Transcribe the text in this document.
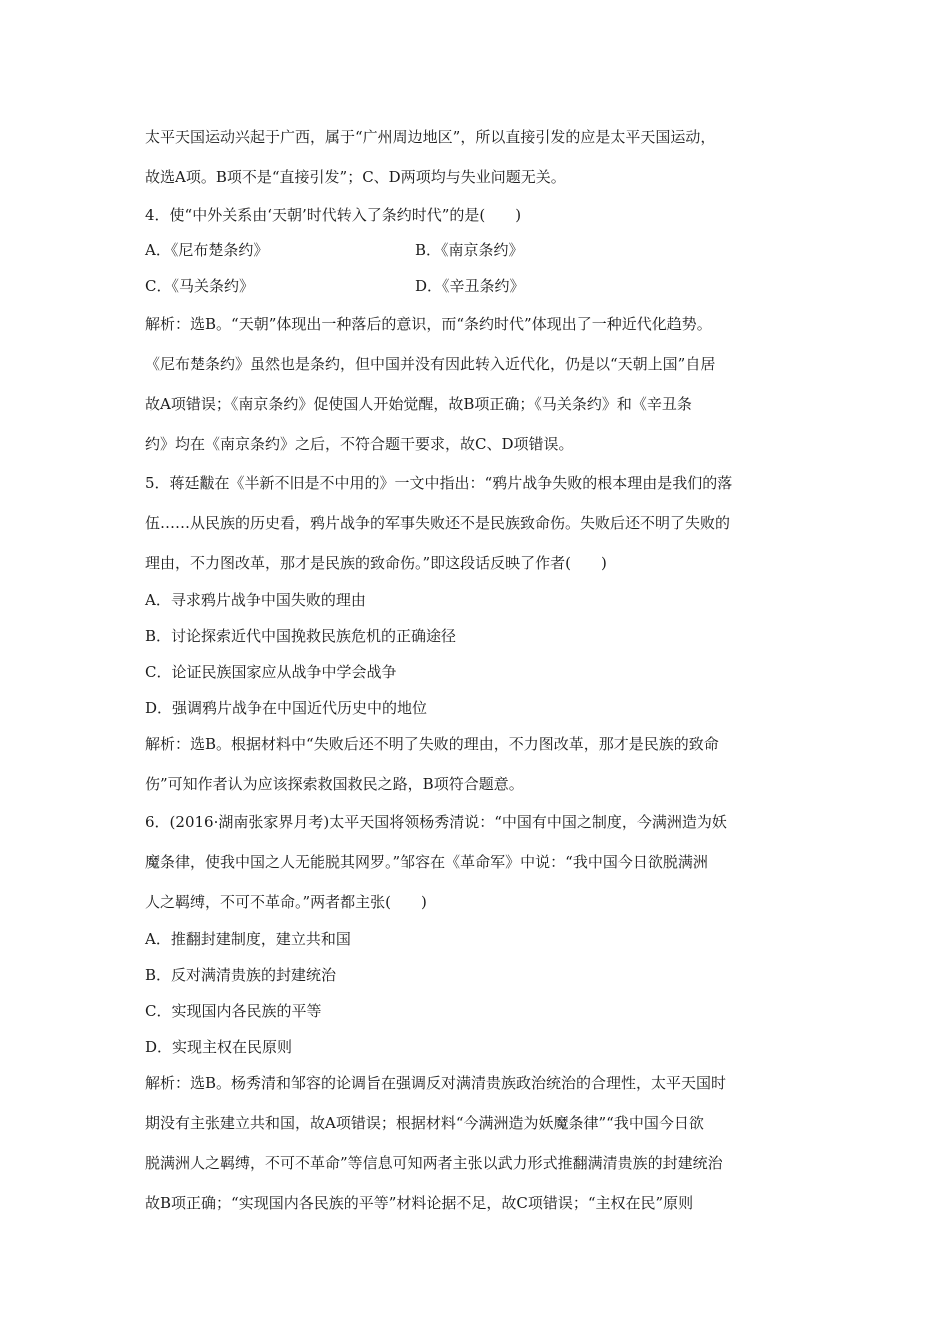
太平天国运动兴起于广西，属于“广州周边地区”，所以直接引发的应是太平天国运动，
故选A项。B项不是“直接引发”；C、D两项均与失业问题无关。
4．使“中外关系由‘天朝’时代转入了条约时代”的是(　　)
A．《尼布楚条约》	B．《南京条约》
C．《马关条约》	D．《辛丑条约》
解析：选B。“天朝”体现出一种落后的意识，而“条约时代”体现出了一种近代化趋势。
《尼布楚条约》虽然也是条约，但中国并没有因此转入近代化，仍是以“天朝上国”自居
故A项错误；《南京条约》促使国人开始觉醒，故B项正确；《马关条约》和《辛丑条
约》均在《南京条约》之后，不符合题干要求，故C、D项错误。
5．蒋廷黻在《半新不旧是不中用的》一文中指出：“鸦片战争失败的根本理由是我们的落
伍……从民族的历史看，鸦片战争的军事失败还不是民族致命伤。失败后还不明了失败的
理由，不力图改革，那才是民族的致命伤。”即这段话反映了作者(　　)
A．寻求鸦片战争中国失败的理由
B．讨论探索近代中国挽救民族危机的正确途径
C．论证民族国家应从战争中学会战争
D．强调鸦片战争在中国近代历史中的地位
解析：选B。根据材料中“失败后还不明了失败的理由，不力图改革，那才是民族的致命
伤”可知作者认为应该探索救国救民之路，B项符合题意。
6．(2016·湖南张家界月考)太平天国将领杨秀清说：“中国有中国之制度，今满洲造为妖
魔条律，使我中国之人无能脱其网罗。”邹容在《革命军》中说：“我中国今日欲脱满洲
人之羁缚，不可不革命。”两者都主张(　　)
A．推翻封建制度，建立共和国
B．反对满清贵族的封建统治
C．实现国内各民族的平等
D．实现主权在民原则
解析：选B。杨秀清和邹容的论调旨在强调反对满清贵族政治统治的合理性，太平天国时
期没有主张建立共和国，故A项错误；根据材料“今满洲造为妖魔条律”“我中国今日欲
脱满洲人之羁缚，不可不革命”等信息可知两者主张以武力形式推翻满清贵族的封建统治
故B项正确；“实现国内各民族的平等”材料论据不足，故C项错误；“主权在民”原则
